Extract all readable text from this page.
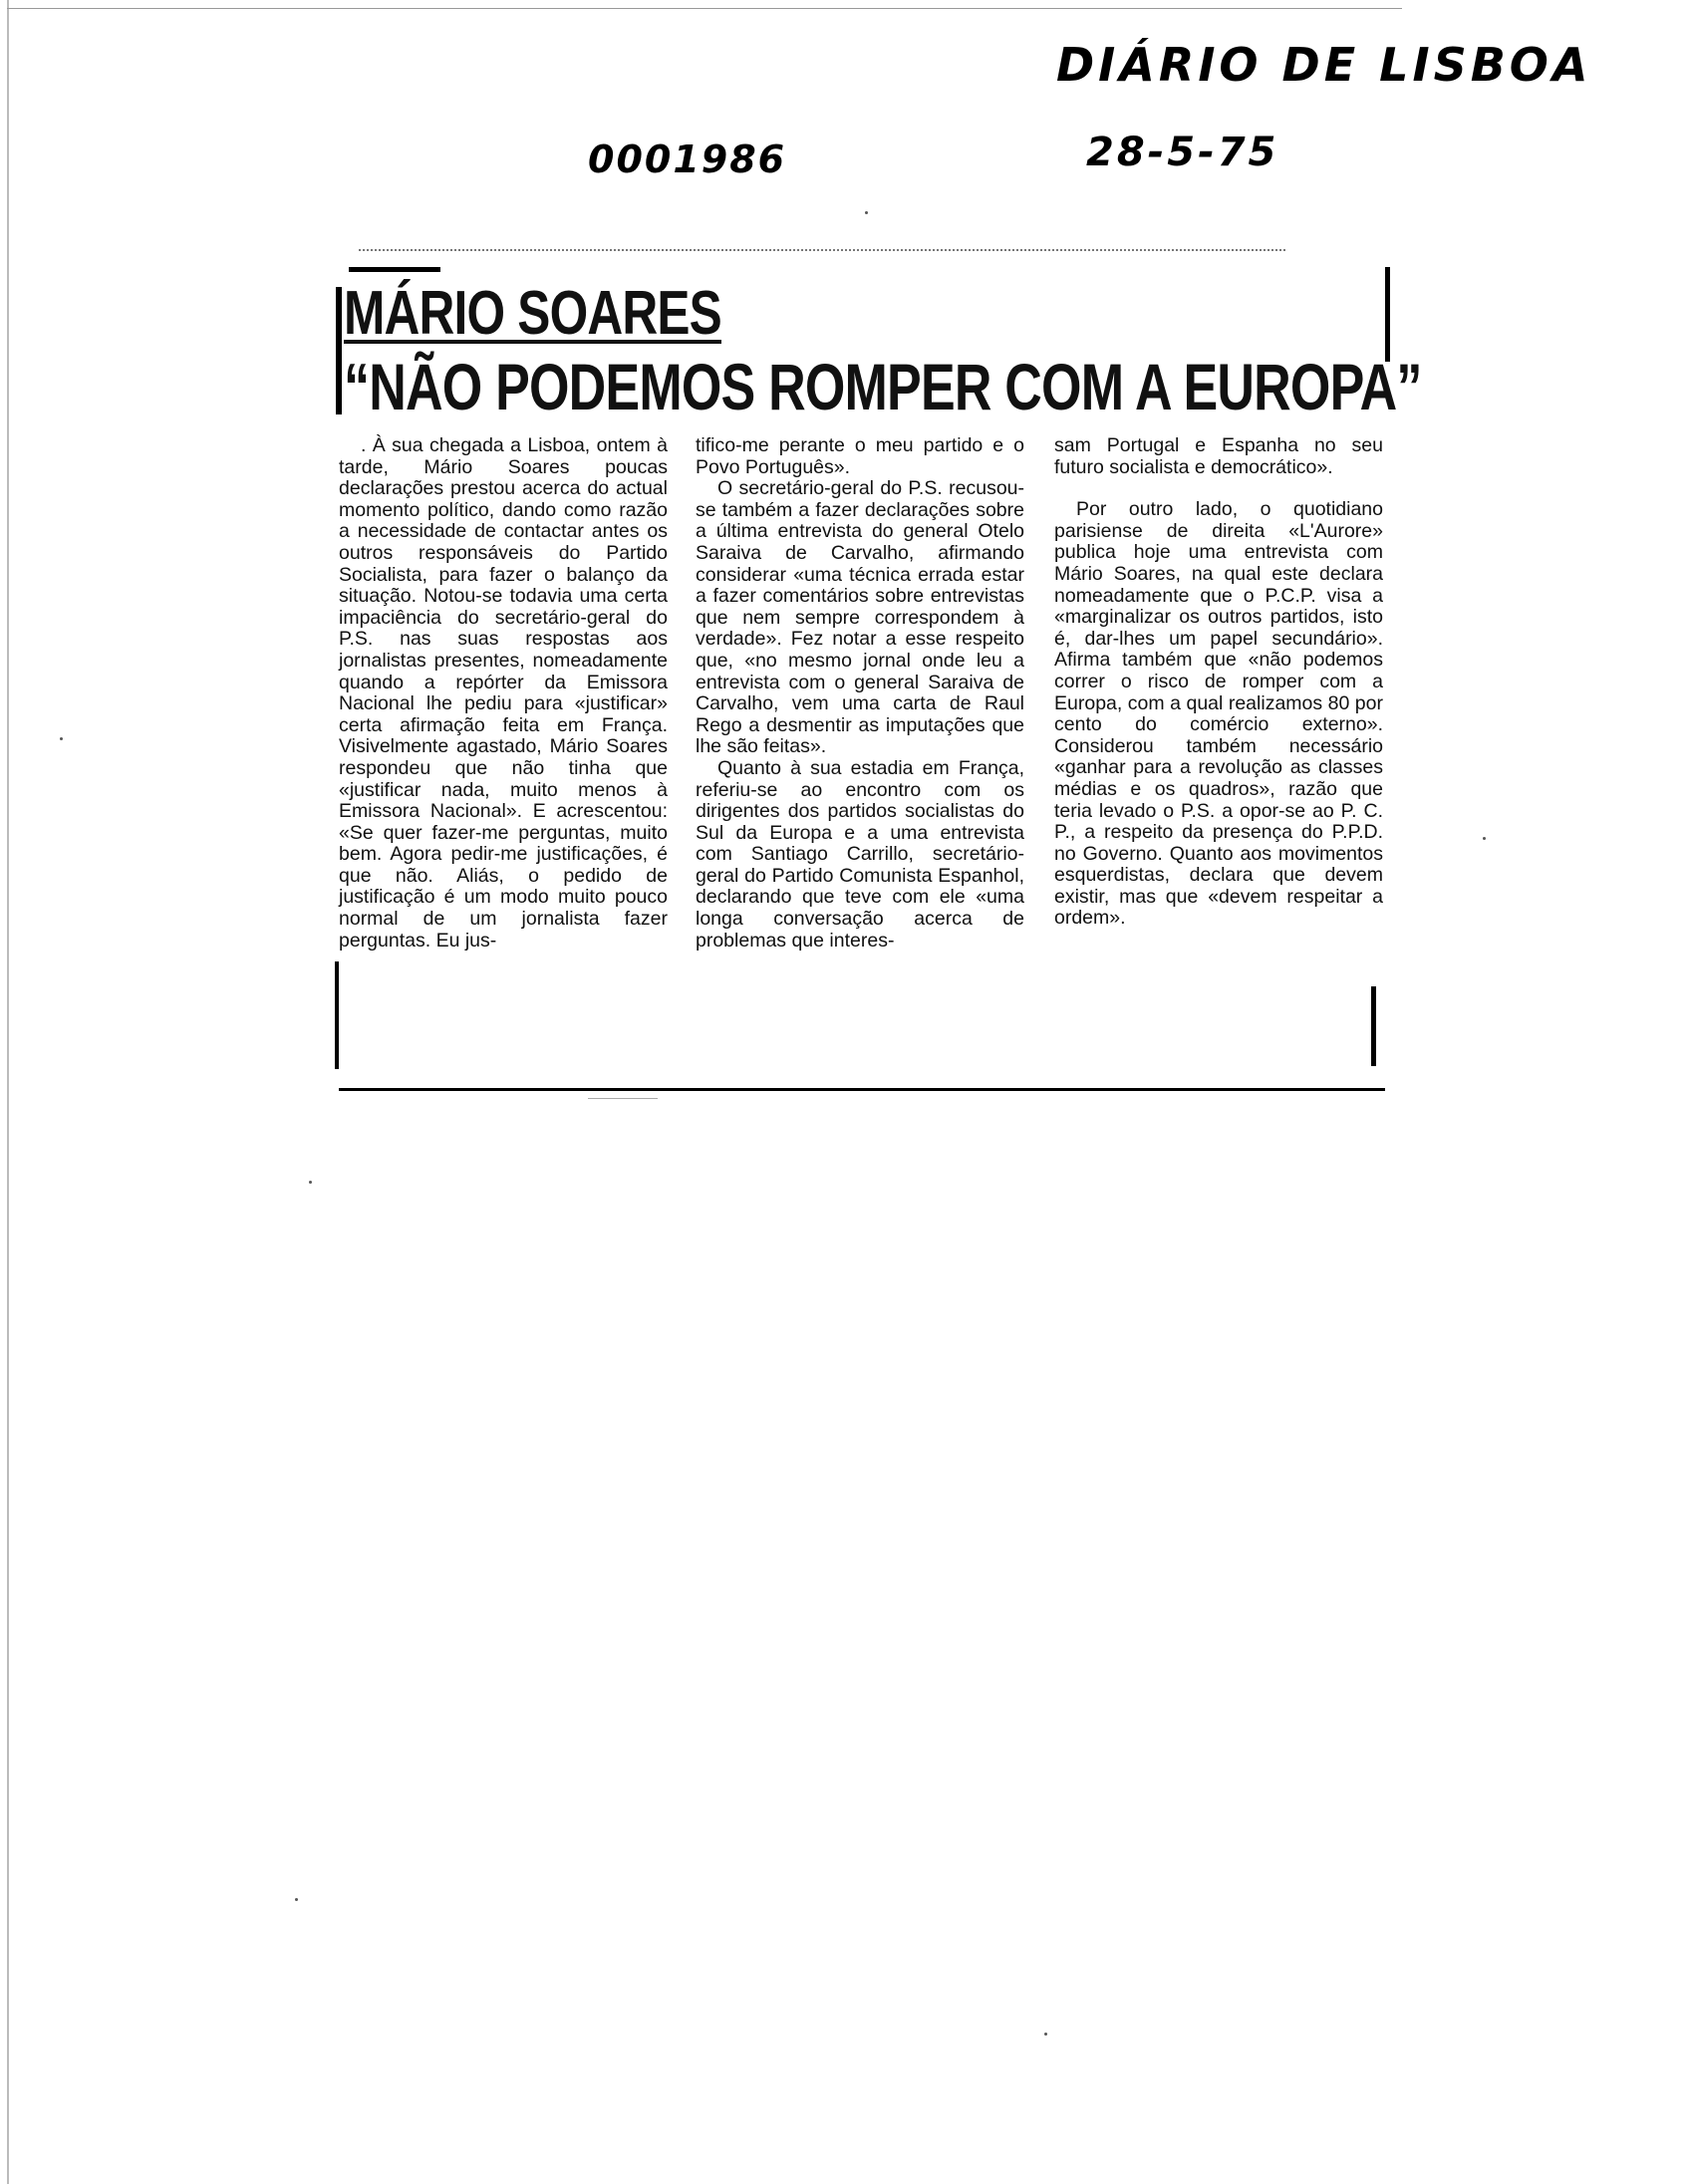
DIÁRIO DE LISBOA
0001986	28-5-75
MÁRIO SOARES
“NÃO PODEMOS ROMPER COM A EUROPA”

. À sua chegada a Lisboa, ontem à tarde, Mário Soares poucas declarações prestou acerca do actual momento político, dando como razão a necessidade de contactar antes os outros responsáveis do Partido Socialista, para fazer o balanço da situação. Notou-se todavia uma certa impaciência do secretário-geral do P.S. nas suas respostas aos jornalistas presentes, nomeadamente quando a repórter da Emissora Nacional lhe pediu para «justificar» certa afirmação feita em França. Visivelmente agastado, Mário Soares respondeu que não tinha que «justificar nada, muito menos à Emissora Nacional». E acrescentou: «Se quer fazer-me perguntas, muito bem. Agora pedir-me justificações, é que não. Aliás, o pedido de justificação é um modo muito pouco normal de um jornalista fazer perguntas. Eu jus-

tifico-me perante o meu partido e o Povo Português».

O secretário-geral do P.S. recusou-se também a fazer declarações sobre a última entrevista do general Otelo Saraiva de Carvalho, afirmando considerar «uma técnica errada estar a fazer comentários sobre entrevistas que nem sempre correspondem à verdade». Fez notar a esse respeito que, «no mesmo jornal onde leu a entrevista com o general Saraiva de Carvalho, vem uma carta de Raul Rego a desmentir as imputações que lhe são feitas».

Quanto à sua estadia em França, referiu-se ao encontro com os dirigentes dos partidos socialistas do Sul da Europa e a uma entrevista com Santiago Carrillo, secretário-geral do Partido Comunista Espanhol, declarando que teve com ele «uma longa conversação acerca de problemas que interes-

sam Portugal e Espanha no seu futuro socialista e democrático».

Por outro lado, o quotidiano parisiense de direita «L'Aurore» publica hoje uma entrevista com Mário Soares, na qual este declara nomeadamente que o P.C.P. visa a «marginalizar os outros partidos, isto é, dar-lhes um papel secundário». Afirma também que «não podemos correr o risco de romper com a Europa, com a qual realizamos 80 por cento do comércio externo». Considerou também necessário «ganhar para a revolução as classes médias e os quadros», razão que teria levado o P.S. a opor-se ao P. C. P., a respeito da presença do P.P.D. no Governo. Quanto aos movimentos esquerdistas, declara que devem existir, mas que «devem respeitar a ordem».
